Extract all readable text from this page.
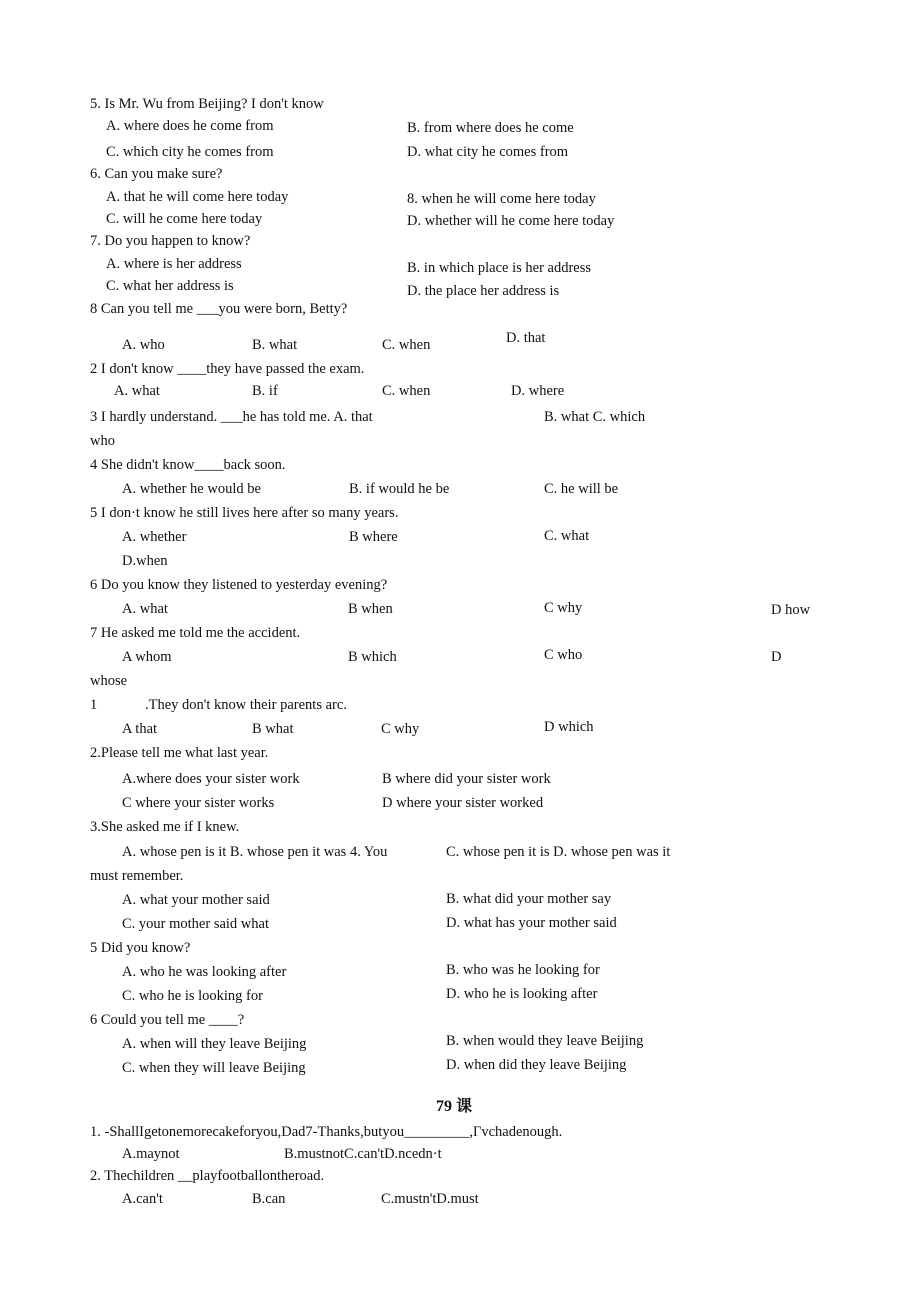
5. Is Mr. Wu from Beijing? I don't know
A. where does he come from	B. from where does he come
C. which city he comes from	D. what city he comes from
6. Can you make sure?
A. that he will come here today	8. when he will come here today
C. will he come here today	D. whether will he come here today
7. Do you happen to know?
A. where is her address	B. in which place is her address
C. what her address is	D. the place her address is
8 Can you tell me ___you were born, Betty?
A. who	B. what	C. when	D. that
2 I don't know ____they have passed the exam.
A. what	B. if	C. when	D. where
3 I hardly understand. ___he has told me. A. that	B. what C. which
who
4 She didn't know____back soon.
A. whether he would be	B. if would he be	C. he will be
5 I don·t know he still lives here after so many years.
A. whether	B where	C. what
D.when
6 Do you know they listened to yesterday evening?
A. what	B when	C why	D how
7 He asked me told me the accident.
A whom	B which	C who	D
whose
1	.They don't know their parents arc.
A that	B what	C why	D which
2.Please tell me what last year.
A.where does your sister work	B where did your sister work
C where your sister works	D where your sister worked
3.She asked me if I knew.
A. whose pen is it B. whose pen it was 4. You	C. whose pen it is D. whose pen was it
must remember.
A. what your mother said	B. what did your mother say
C. your mother said what	D. what has your mother said
5 Did you know?
A. who he was looking after	B. who was he looking for
C. who he is looking for	D. who he is looking after
6 Could you tell me ____?
A. when will they leave Beijing	B. when would they leave Beijing
C. when they will leave Beijing	D. when did they leave Beijing
79 课
1. -ShallIgetonemorecakeforyou,Dad7-Thanks,butyou_________,Γvchadenough.
A.maynot	B.mustnotC.can'tD.ncedn·t
2. Thechildren __playfootballontheroad.
A.can't	B.can	C.mustn'tD.must
